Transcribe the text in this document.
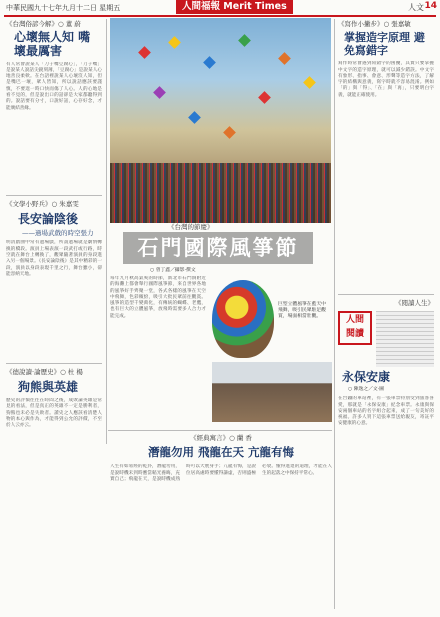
中華民國九十七年九月十二日 星期五	人間福報 Merit Times	人文 14
《台灣俗諺今解》○ 董 蔚
心壞無人知 嘴壞最厲害
有人常會說某人「刀子嘴豆腐心」，「刀子嘴」是說某人說話尖銳刻薄，「豆腐心」是說某人心地善良柔軟。在台語裡說某人心壞沒人知，但是嘴巴一壞，眾人皆知，所以說話應該要謹慎，不要逞一時口快而傷了人心。人的心地是看不見的，但是說出口的話卻是大家都聽得到的。說話要有分寸，口說好話，心存好念，才能廣結善緣。
《文學小野兵》○ 朱嘉雯
長安論陰後
——過場武戲的時空張力
明清戲曲中常有過場戲，所謂過場就是劇情轉換的橋段。演員上場表演一段武打或行路，時空就在舞台上轉換了，觀眾隨著演員的身段進入另一個場景。《長安論陰後》是其中精彩的一段，演員以身段表現千里之行，舞台雖小，卻能容納天地。
《德說讀‧論歷史》○ 杜 楊
狗熊與英雄
歷史的評價往往在時間之後，成敗論英雄是常見的看法，但是真正的英雄不一定是勝利者，狗熊也未必是失敗者。讀史之人應該看清楚人物的本心與作為，才能得到公允的評價，不至於人云亦云。
《台灣的節慶》
石門國際風箏節
○ 曾丁鑫／攝影‧撰文
每年九月秋高氣爽的時節，新北市石門洞附近的海灘上都會舉行國際風箏節，來自世界各地的風箏好手齊聚一堂，各式各樣的風箏在天空中飛舞，色彩繽紛，吸引大批民眾前往觀賞。風箏的造型千變萬化，有傳統的蝴蝶、老鷹，也有巨大的立體風箏，放飛時需要多人合力才能完成。
巨型立體風箏在藍天中飛舞，吸引民眾駐足觀賞，場面相當壯觀。
《寫作小撇步》○ 張嘉敏
掌握造字原理 避免寫錯字
寫作時常會遇到寫錯字的困擾，其實只要掌握中文字的造字原理，就可以減少錯誤。中文字有象形、指事、會意、形聲等造字方法，了解字的結構與意義，寫字時就不容易混淆。例如「的」與「得」、「在」與「再」，只要明白字義，就能正確使用。
《閱讀人生》
人間 閱讀
永保安康
○ 陳逸之／文‧圖
在台鐵的車站裡，有一張車票特別受到旅客喜愛，那就是「永保安康」紀念車票。永康與保安兩個車站的名字組合起來，成了一句美好的祝福。許多人買下這張車票送給親友，寄託平安健康的心意。
《經典寓言》○ 蘭 香
潛龍勿用 飛龍在天 亢龍有悔
人生有如易經的乾卦，潛龍勿用，是說時機未到時應當韜光養晦，充實自己；飛龍在天，是說時機成熟時可以大展身手；亢龍有悔，是說位居高處時要懂得謙虛，否則盛極必衰。懂得進退的道理，才能在人生的起落之中保持平常心。
